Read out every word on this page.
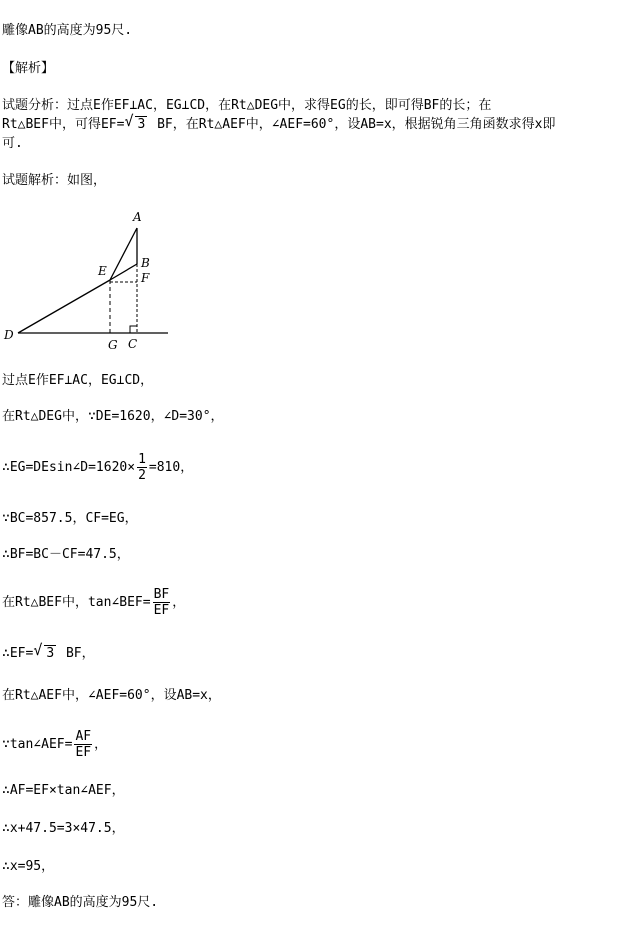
雕像AB的高度为95尺.
【解析】
试题分析：过点E作EF⊥AC，EG⊥CD，在Rt△DEG中，求得EG的长，即可得BF的长；在
Rt△BEF中，可得EF= √ 3 BF，在Rt△AEF中，∠AEF=60°，设AB=x，根据锐角三角函数求得x即
可.
试题解析：如图，
A
B
F
E
D
G C
过点E作EF⊥AC，EG⊥CD，
在Rt△DEG中，∵DE=1620，∠D=30°，
∴EG=DEsin∠D=1620× $\frac{1}{2} =810$，
∵BC=857.5，CF=EG，
∴BF=BC－CF=47.5，
在Rt△BEF中，tan∠BEF= $\frac{BF}{EF}$ ，
∴EF= √ 3 BF，
在Rt△AEF中，∠AEF=60°，设AB=x，
∵tan∠AEF= $\frac{AF}{EF}$ ，
∴AF=EF×tan∠AEF，
∴x+47.5=3×47.5，
∴x=95，
答：雕像AB的高度为95尺.
